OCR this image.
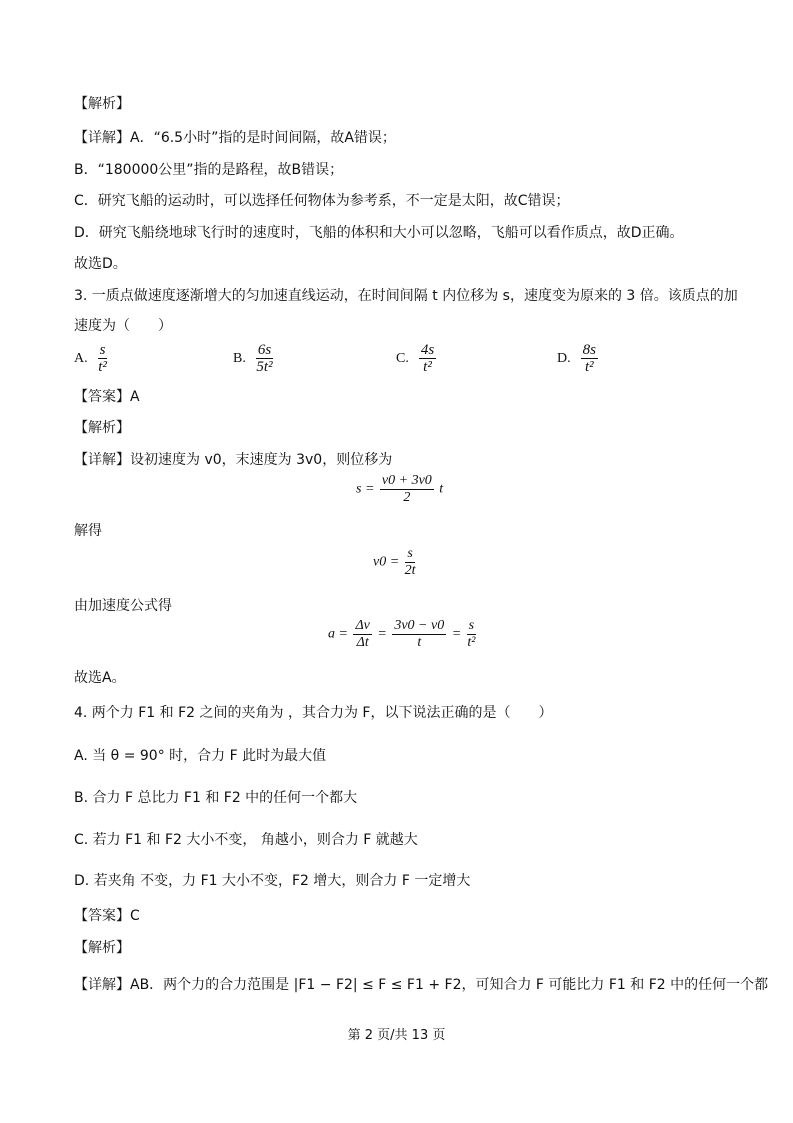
【解析】
【详解】A．“6.5小时”指的是时间间隔，故A错误；
B．“180000公里”指的是路程，故B错误；
C．研究飞船的运动时，可以选择任何物体为参考系，不一定是太阳，故C错误；
D．研究飞船绕地球飞行时的速度时，飞船的体积和大小可以忽略，飞船可以看作质点，故D正确。
故选D。
3. 一质点做速度逐渐增大的匀加速直线运动，在时间间隔 t 内位移为 s，速度变为原来的 3 倍。该质点的加
速度为（　　）
A. $\frac{s}{\text{t²}}$	B. $\frac{6s}{\text{5t²}}$	C. $\frac{4s}{\text{t²}}$	D. $\frac{8s}{\text{t²}}$
【答案】A
【解析】
【详解】设初速度为 v0，末速度为 3v0，则位移为
$s = \frac{v0 + 3v0}{2}$ t
解得
$v0 = \frac{s}{2t}$
由加速度公式得
$a = \frac{\Delta v}{\Delta t} = \frac{3v0 - v0}{t} = \frac{s}{\text{t²}}$
故选A。
4. 两个力 F1 和 F2 之间的夹角为 ，其合力为 F，以下说法正确的是（　　）
A. 当 θ = 90° 时，合力 F 此时为最大值
B. 合力 F 总比力 F1 和 F2 中的任何一个都大
C. 若力 F1 和 F2 大小不变， 角越小，则合力 F 就越大
D. 若夹角 不变，力 F1 大小不变，F2 增大，则合力 F 一定增大
【答案】C
【解析】
【详解】AB．两个力的合力范围是 |F1 − F2| ≤ F ≤ F1 + F2，可知合力 F 可能比力 F1 和 F2 中的任何一个都
第 2 页/共 13 页
